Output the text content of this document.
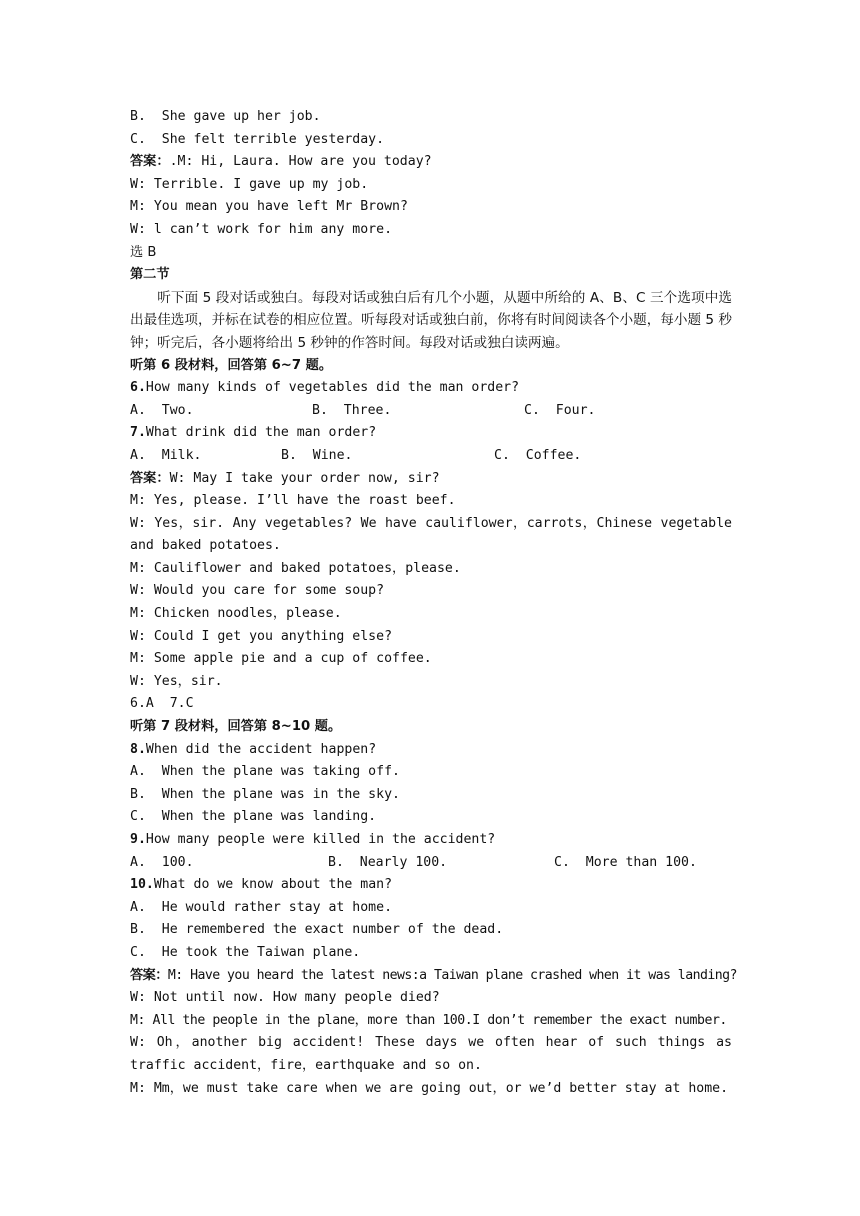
B.  She gave up her job.
C.  She felt terrible yesterday.
答案：.M: Hi, Laura. How are you today?
W: Terrible. I gave up my job.
M: You mean you have left Mr Brown?
W: l can’t work for him any more.
选 B
第二节
听下面 5 段对话或独白。每段对话或独白后有几个小题，从题中所给的 A、B、C 三个选项中选出最佳选项，并标在试卷的相应位置。听每段对话或独白前，你将有时间阅读各个小题，每小题 5 秒钟；听完后，各小题将给出 5 秒钟的作答时间。每段对话或独白读两遍。
听第 6 段材料，回答第 6~7 题。
6.How many kinds of vegetables did the man order?
A.  Two.	B.  Three.	C.  Four.
7.What drink did the man order?
A.  Milk.	B.  Wine.	C.  Coffee.
答案：W: May I take your order now, sir?
M: Yes, please. I’ll have the roast beef.
W: Yes，sir. Any vegetables? We have cauliflower，carrots，Chinese vegetable and baked potatoes.
M: Cauliflower and baked potatoes，please.
W: Would you care for some soup?
M: Chicken noodles，please.
W: Could I get you anything else?
M: Some apple pie and a cup of coffee.
W: Yes，sir.
6.A  7.C
听第 7 段材料，回答第 8~10 题。
8.When did the accident happen?
A.  When the plane was taking off.
B.  When the plane was in the sky.
C.  When the plane was landing.
9.How many people were killed in the accident?
A.  100.	B.  Nearly 100.	C.  More than 100.
10.What do we know about the man?
A.  He would rather stay at home.
B.  He remembered the exact number of the dead.
C.  He took the Taiwan plane.
答案：M: Have you heard the latest news:a Taiwan plane crashed when it was landing?
W: Not until now. How many people died?
M: All the people in the plane，more than 100.I don’t remember the exact number.
W: Oh，another big accident! These days we often hear of such things as traffic accident，fire，earthquake and so on.
M: Mm，we must take care when we are going out，or we’d better stay at home.
